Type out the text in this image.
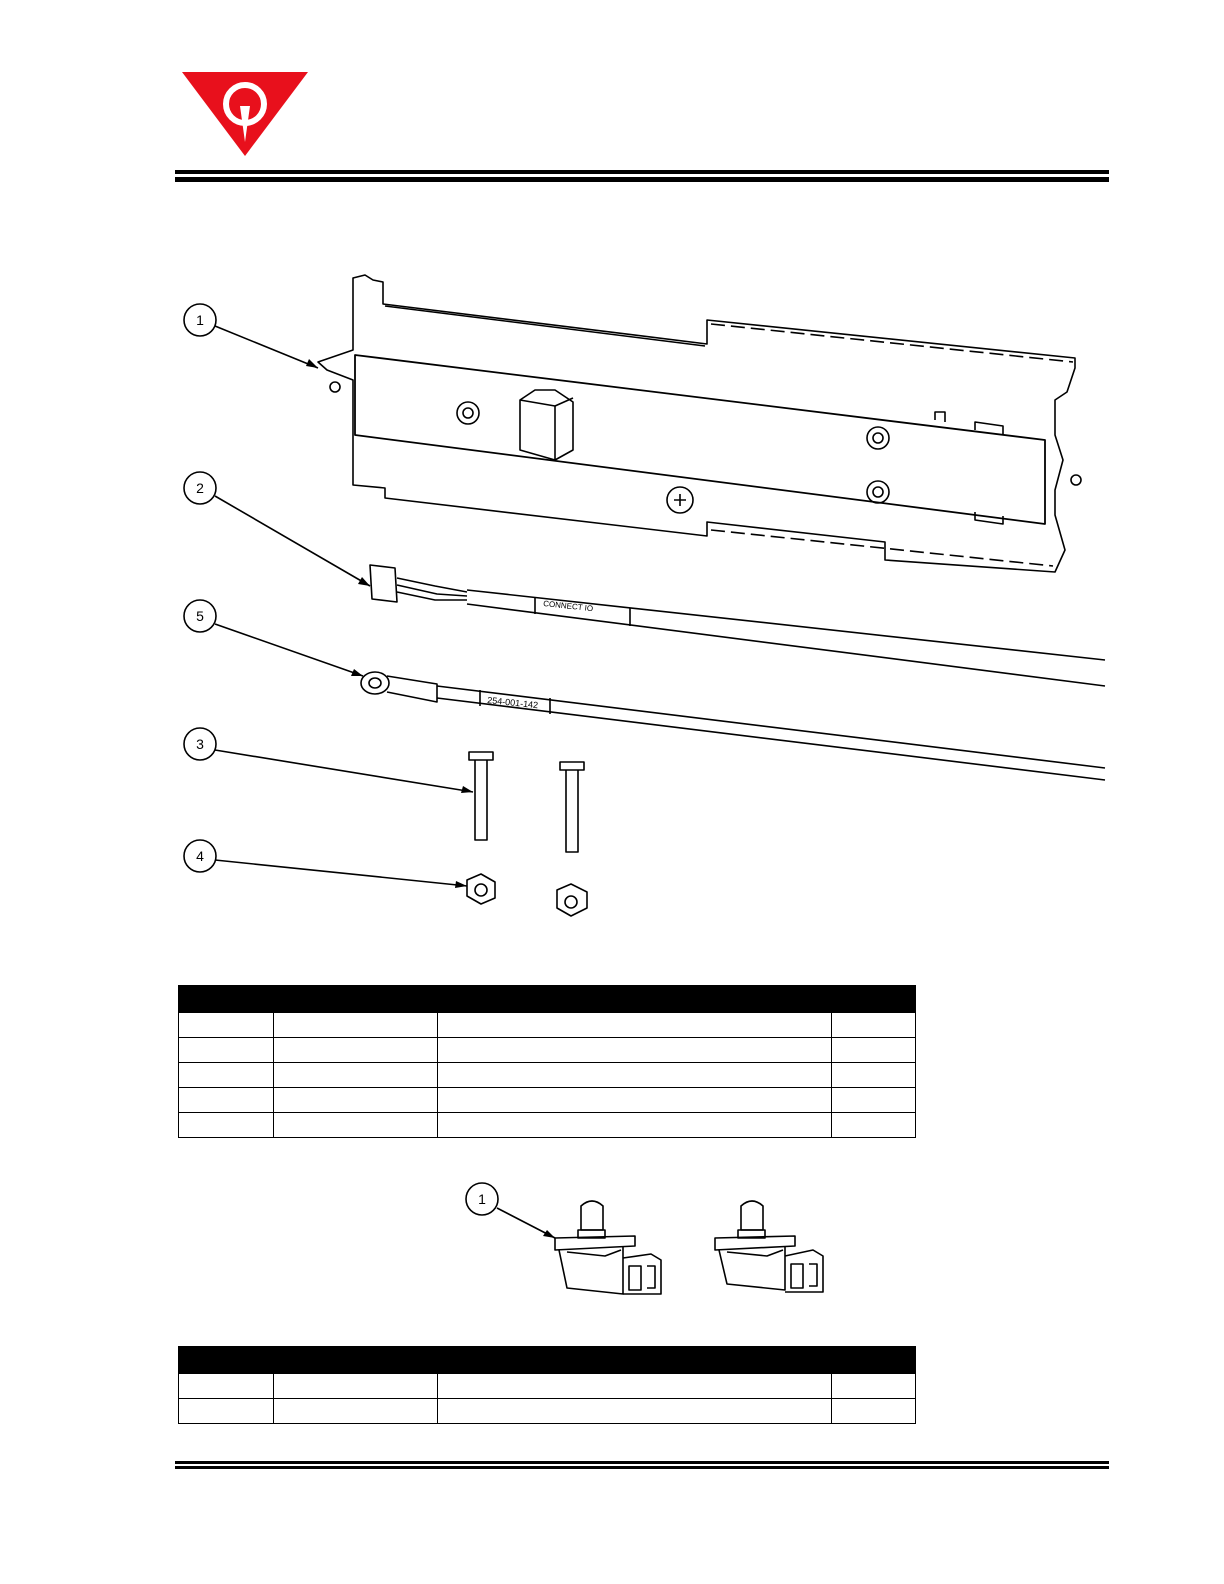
1
2
5
3
4
CONNECT IO
254-001-142

1
